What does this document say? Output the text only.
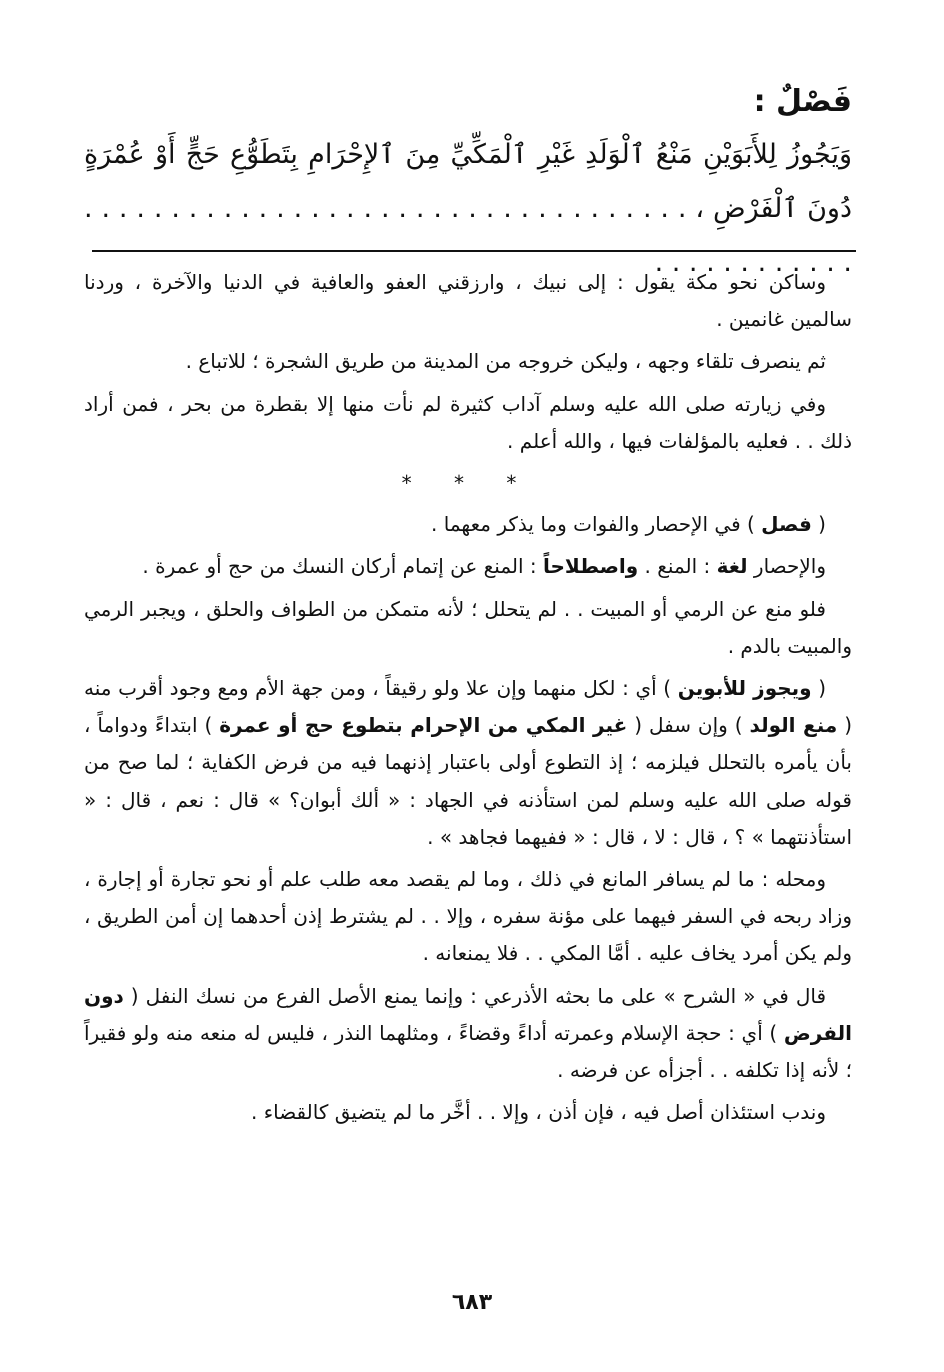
فَصْلٌ :
وَيَجُوزُ لِلأَبَوَيْنِ مَنْعُ ٱلْوَلَدِ غَيْرِ ٱلْمَكِّيِّ مِنَ ٱلإِحْرَامِ بِتَطَوُّعِ حَجٍّ أَوْ عُمْرَةٍ دُونَ ٱلْفَرْضِ ، . . . . . . . . . . . . . . . . . . . . . . . . . . . . . . . . . . . . . . . . . . . . . . .

وساكن نحو مكة يقول : إلى نبيك ، وارزقني العفو والعافية في الدنيا والآخرة ، وردنا سالمين غانمين .

ثم ينصرف تلقاء وجهه ، وليكن خروجه من المدينة من طريق الشجرة ؛ للاتباع .

وفي زيارته صلى الله عليه وسلم آداب كثيرة لم نأت منها إلا بقطرة من بحر ، فمن أراد ذلك . . فعليه بالمؤلفات فيها ، والله أعلم .

* * *

( فصل ) في الإحصار والفوات وما يذكر معهما .

والإحصار لغة : المنع . واصطلاحاً : المنع عن إتمام أركان النسك من حج أو عمرة .

فلو منع عن الرمي أو المبيت . . لم يتحلل ؛ لأنه متمكن من الطواف والحلق ، ويجبر الرمي والمبيت بالدم .

( ويجوز للأبوين ) أي : لكل منهما وإن علا ولو رقيقاً ، ومن جهة الأم ومع وجود أقرب منه ( منع الولد ) وإن سفل ( غير المكي من الإحرام بتطوع حج أو عمرة ) ابتداءً ودواماً ، بأن يأمره بالتحلل فيلزمه ؛ إذ التطوع أولى باعتبار إذنهما فيه من فرض الكفاية ؛ لما صح من قوله صلى الله عليه وسلم لمن استأذنه في الجهاد : « ألك أبوان؟ » قال : نعم ، قال : « استأذنتهما » ؟ ، قال : لا ، قال : « ففيهما فجاهد » .

ومحله : ما لم يسافر المانع في ذلك ، وما لم يقصد معه طلب علم أو نحو تجارة أو إجارة ، وزاد ربحه في السفر فيهما على مؤنة سفره ، وإلا . . لم يشترط إذن أحدهما إن أمن الطريق ، ولم يكن أمرد يخاف عليه . أمَّا المكي . . فلا يمنعانه .

قال في « الشرح » على ما بحثه الأذرعي : وإنما يمنع الأصل الفرع من نسك النفل ( دون الفرض ) أي : حجة الإسلام وعمرته أداءً وقضاءً ، ومثلهما النذر ، فليس له منعه منه ولو فقيراً ؛ لأنه إذا تكلفه . . أجزأه عن فرضه .

وندب استئذان أصل فيه ، فإن أذن ، وإلا . . أخَّر ما لم يتضيق كالقضاء .

٦٨٣
